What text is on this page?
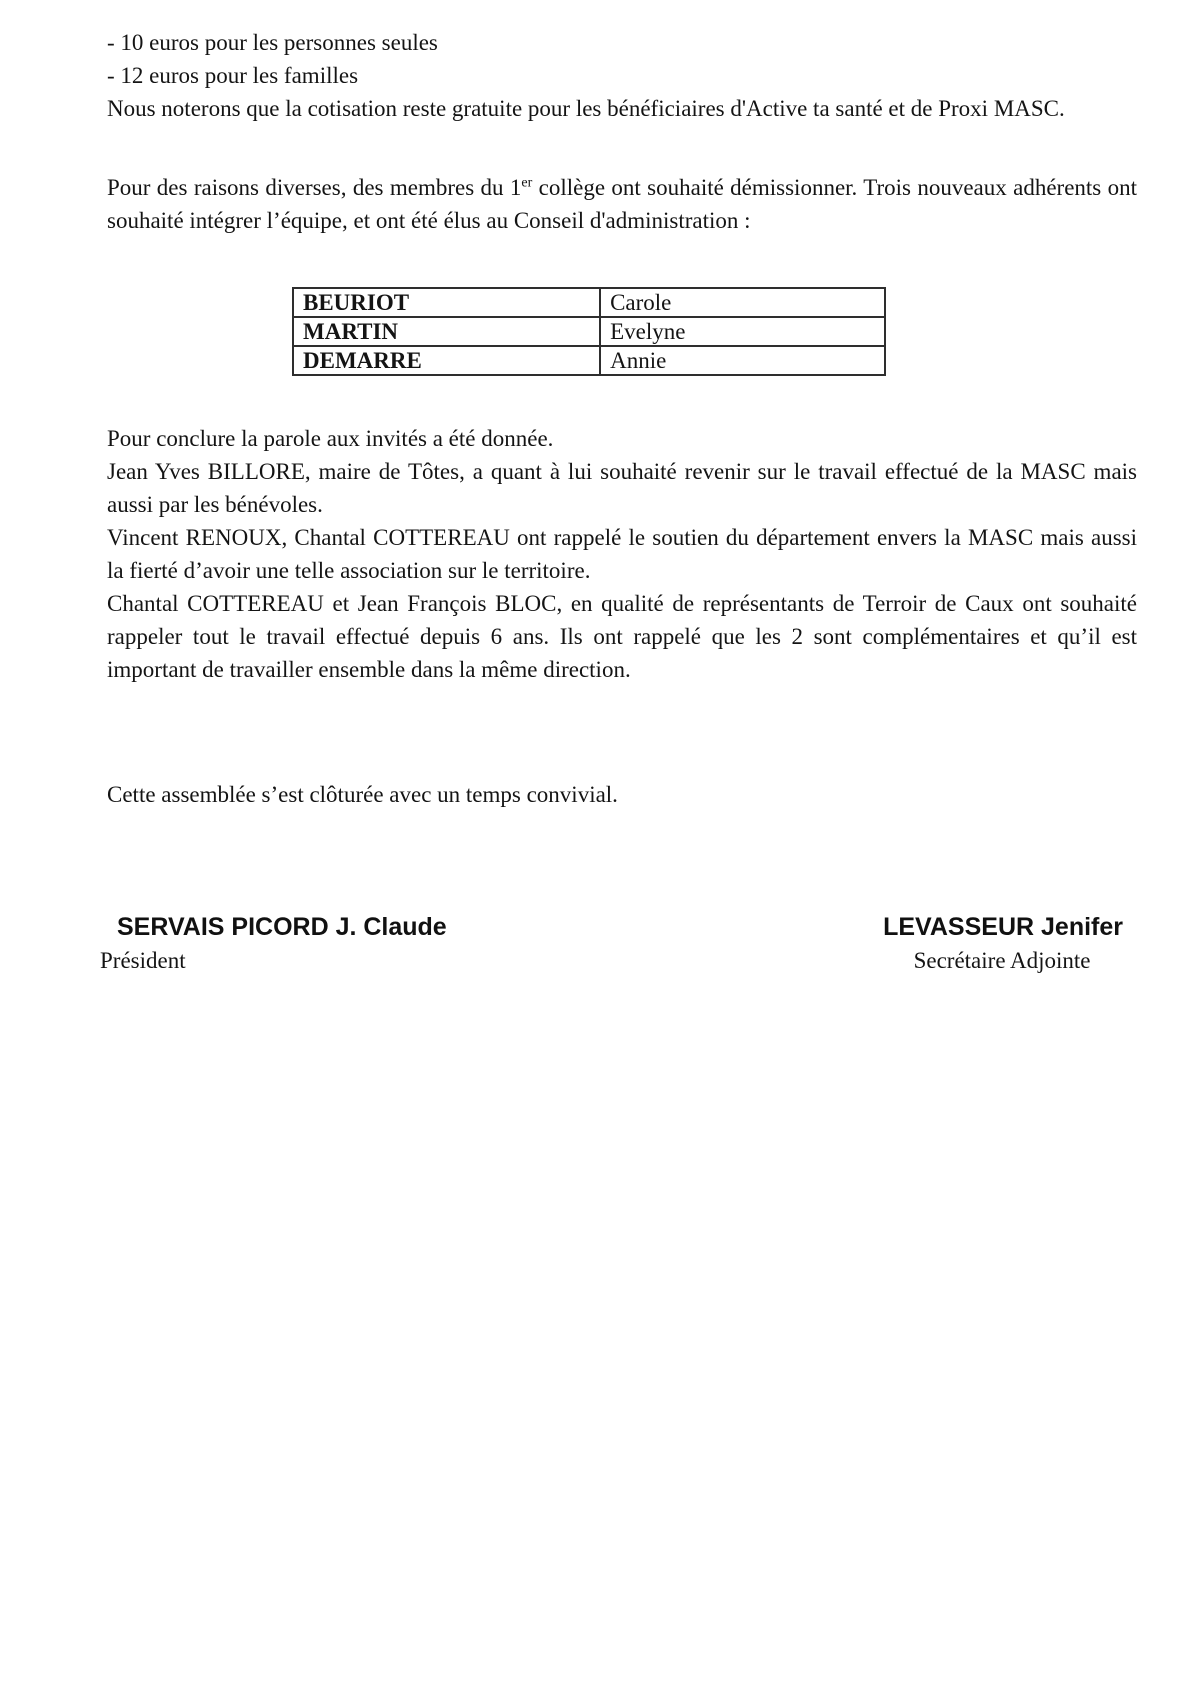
- 10 euros pour les personnes seules
- 12 euros pour les familles
Nous noterons que la cotisation reste gratuite pour les bénéficiaires d'Active ta santé et de Proxi MASC.
Pour des raisons diverses, des membres du 1er collège ont souhaité démissionner. Trois nouveaux adhérents ont souhaité intégrer l’équipe, et ont été élus au Conseil d'administration :
BEURIOT	Carole
MARTIN	Evelyne
DEMARRE	Annie
Pour conclure la parole aux invités a été donnée.
Jean Yves BILLORE, maire de Tôtes, a quant à lui souhaité revenir sur le travail effectué de la MASC mais aussi par les bénévoles.
Vincent RENOUX, Chantal COTTEREAU ont rappelé le soutien du département envers la MASC mais aussi la fierté d’avoir une telle association sur le territoire.
Chantal COTTEREAU et Jean François BLOC, en qualité de représentants de Terroir de Caux ont souhaité rappeler tout le travail effectué depuis 6 ans. Ils ont rappelé que les 2 sont complémentaires et qu’il est important de travailler ensemble dans la même direction.
Cette assemblée s’est clôturée avec un temps convivial.
SERVAIS PICORD J. Claude
Président
LEVASSEUR Jenifer
Secrétaire Adjointe
